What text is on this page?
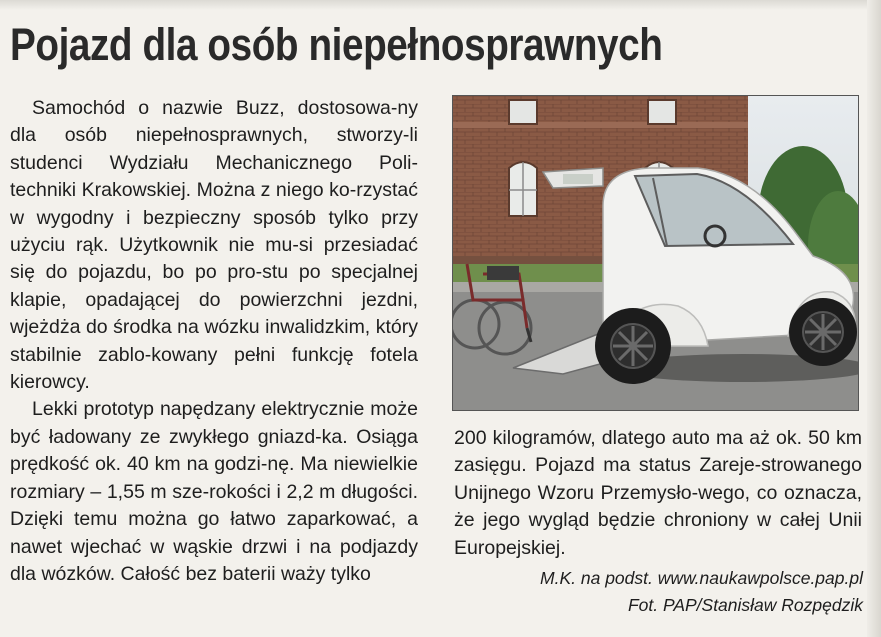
Pojazd dla osób niepełnosprawnych

Samochód o nazwie Buzz, dostosowa-ny dla osób niepełnosprawnych, stworzy-li studenci Wydziału Mechanicznego Poli-techniki Krakowskiej. Można z niego ko-rzystać w wygodny i bezpieczny sposób tylko przy użyciu rąk. Użytkownik nie mu-si przesiadać się do pojazdu, bo po pro-stu po specjalnej klapie, opadającej do powierzchni jezdni, wjeżdża do środka na wózku inwalidzkim, który stabilnie zablo-kowany pełni funkcję fotela kierowcy.

Lekki prototyp napędzany elektrycznie może być ładowany ze zwykłego gniazd-ka. Osiąga prędkość ok. 40 km na godzi-nę. Ma niewielkie rozmiary – 1,55 m sze-rokości i 2,2 m długości. Dzięki temu można go łatwo zaparkować, a nawet wjechać w wąskie drzwi i na podjazdy dla wózków. Całość bez baterii waży tylko

200 kilogramów, dlatego auto ma aż ok. 50 km zasięgu. Pojazd ma status Zareje-strowanego Unijnego Wzoru Przemysło-wego, co oznacza, że jego wygląd będzie chroniony w całej Unii Europejskiej.

M.K. na podst. www.naukawpolsce.pap.pl
Fot. PAP/Stanisław Rozpędzik
